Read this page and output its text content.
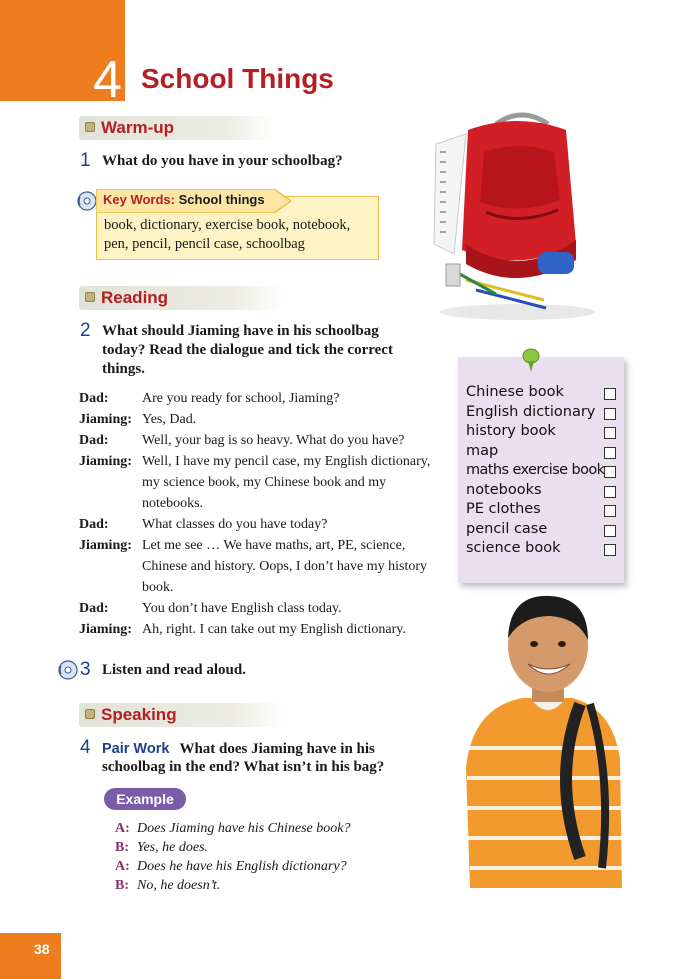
4 School Things
Warm-up
1 What do you have in your schoolbag?
Key Words: School things
book, dictionary, exercise book, notebook,
pen, pencil, pencil case, schoolbag
Reading
2 What should Jiaming have in his schoolbag
today? Read the dialogue and tick the correct
things.
Dad: Are you ready for school, Jiaming?
Jiaming: Yes, Dad.
Dad: Well, your bag is so heavy. What do you have?
Jiaming: Well, I have my pencil case, my English dictionary,
my science book, my Chinese book and my
notebooks.
Dad: What classes do you have today?
Jiaming: Let me see … We have maths, art, PE, science,
Chinese and history. Oops, I don’t have my history
book.
Dad: You don’t have English class today.
Jiaming: Ah, right. I can take out my English dictionary.
Chinese book
English dictionary
history book
map
maths exercise book
notebooks
PE clothes
pencil case
science book
3 Listen and read aloud.
Speaking
4 Pair Work What does Jiaming have in his
schoolbag in the end? What isn’t in his bag?
Example
A: Does Jiaming have his Chinese book?
B: Yes, he does.
A: Does he have his English dictionary?
B: No, he doesn’t.
38
